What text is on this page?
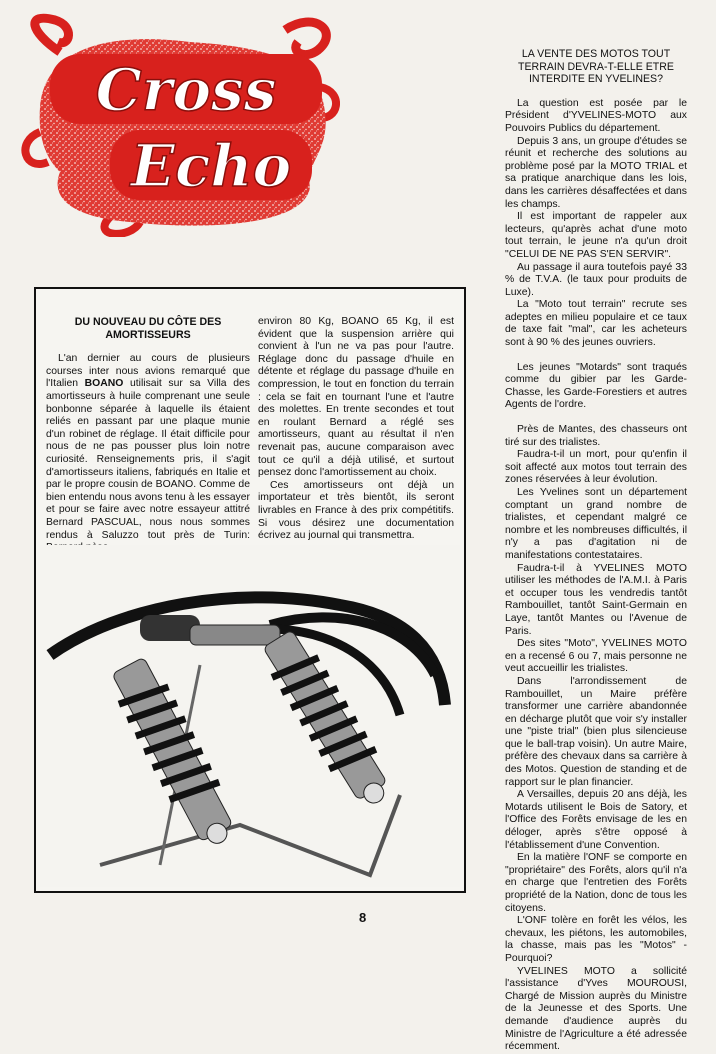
Cross
Echo

DU NOUVEAU DU CÔTE DES AMORTISSEURS

L'an dernier au cours de plusieurs courses inter nous avions remarqué que l'Italien BOANO utilisait sur sa Villa des amortisseurs à huile comprenant une seule bonbonne séparée à laquelle ils étaient reliés en passant par une plaque munie d'un robinet de réglage. Il était difficile pour nous de ne pas pousser plus loin notre curiosité. Renseignements pris, il s'agit d'amortisseurs italiens, fabriqués en Italie et par le propre cousin de BOANO. Comme de bien entendu nous avons tenu à les essayer et pour se faire avec notre essayeur attitré Bernard PASCUAL, nous nous sommes rendus à Saluzzo tout près de Turin:

environ 80 Kg, BOANO 65 Kg, il est évident que la suspension arrière qui convient à l'un ne va pas pour l'autre. Réglage donc du passage d'huile en détente et réglage du passage d'huile en compression, le tout en fonction du terrain : cela se fait en tournant l'une et l'autre des molettes. En trente secondes et tout en roulant Bernard a réglé ses amortisseurs, quant au résultat il n'en revenait pas, aucune comparaison avec tout ce qu'il a déjà utilisé, et surtout pensez donc l'amortissement au choix.

Ces amortisseurs ont déjà un importateur et très bientôt, ils seront livrables en France à des prix compétitifs. Si vous désirez une documentation écrivez au journal qui transmettra.

LA VENTE DES MOTOS TOUT TERRAIN DEVRA-T-ELLE ETRE INTERDITE EN YVELINES?

La question est posée par le Président d'YVELINES-MOTO aux Pouvoirs Publics du département.

Depuis 3 ans, un groupe d'études se réunit et recherche des solutions au problème posé par la MOTO TRIAL et sa pratique anarchique dans les lois, dans les carrières désaffectées et dans les champs.

Il est important de rappeler aux lecteurs, qu'après achat d'une moto tout terrain, le jeune n'a qu'un droit "CELUI DE NE PAS S'EN SERVIR".

Au passage il aura toutefois payé 33 % de T.V.A. (le taux pour produits de Luxe).

La "Moto tout terrain" recrute ses adeptes en milieu populaire et ce taux de taxe fait "mal", car les acheteurs sont à 90 % des jeunes ouvriers.

Les jeunes "Motards" sont traqués comme du gibier par les Garde-Chasse, les Garde-Forestiers et autres Agents de l'ordre.

Près de Mantes, des chasseurs ont tiré sur des trialistes.

Faudra-t-il un mort, pour qu'enfin il soit affecté aux motos tout terrain des zones réservées à leur évolution.

Les Yvelines sont un département comptant un grand nombre de trialistes, et cependant malgré ce nombre et les nombreuses difficultés, il n'y a pas d'agitation ni de manifestations contestataires.

Faudra-t-il à YVELINES MOTO utiliser les méthodes de l'A.M.I. à Paris et occuper tous les vendredis tantôt Rambouillet, tantôt Saint-Germain en Laye, tantôt Mantes ou l'Avenue de Paris.

Des sites "Moto", YVELINES MOTO en a recensé 6 ou 7, mais personne ne veut accueillir les trialistes.

Dans l'arrondissement de Rambouillet, un Maire préfère transformer une carrière abandonnée en décharge plutôt que voir s'y installer une "piste trial" (bien plus silencieuse que le ball-trap voisin). Un autre Maire, préfère des chevaux dans sa carrière à des Motos. Question de standing et de rapport sur le plan financier.

A Versailles, depuis 20 ans déjà, les Motards utilisent le Bois de Satory, et l'Office des Forêts envisage de les en déloger, après s'être opposé à l'établissement d'une Convention.

En la matière l'ONF se comporte en "propriétaire" des Forêts, alors qu'il n'a en charge que l'entretien des Forêts propriété de la Nation, donc de tous les citoyens.

L'ONF tolère en forêt les vélos, les chevaux, les piétons, les automobiles, la chasse, mais pas les "Motos" - Pourquoi?

YVELINES MOTO a sollicité l'assistance d'Yves MOUROUSI, Chargé de Mission auprès du Ministre de la Jeunesse et des Sports. Une demande d'audience auprès du Ministre de l'Agriculture a été adressée récemment.

8
